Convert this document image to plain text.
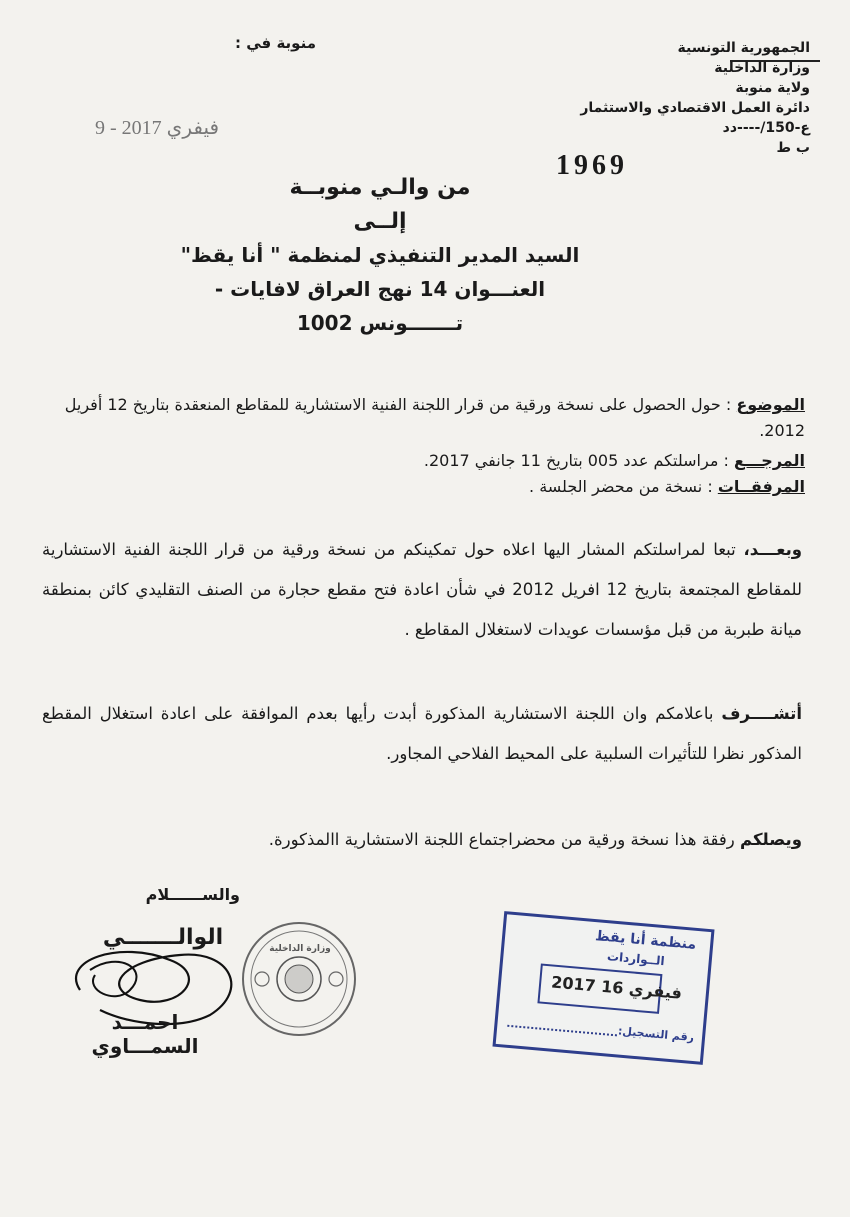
منوبة في :
9 - فيفري 2017
الجمهورية التونسية
وزارة الداخلية
ولاية منوبة
دائرة العمل الاقتصادي والاستثمار
ع-150/----دد
ب ط
1969
من والـي منوبــة
إلــى
السيد المدير التنفيذي لمنظمة " أنا يقظ"
العنـــوان 14 نهج العراق لافايات -
تـــــــونس 1002
الموضوع : حول الحصول على نسخة ورقية من قرار اللجنة الفنية الاستشارية للمقاطع المنعقدة بتاريخ 12 أفريل 2012.
المرجـــع : مراسلتكم عدد 005 بتاريخ 11 جانفي 2017.
المرفقــات : نسخة من محضر الجلسة .
وبعـــد، تبعا لمراسلتكم المشار اليها اعلاه حول تمكينكم من نسخة ورقية من قرار اللجنة الفنية الاستشارية للمقاطع المجتمعة بتاريخ 12 افريل 2012 في شأن اعادة فتح مقطع حجارة من الصنف التقليدي كائن بمنطقة ميانة طبربة من قبل مؤسسات عويدات لاستغلال المقاطع .
أتشــــرف باعلامكم وان اللجنة الاستشارية المذكورة أبدت رأيها بعدم الموافقة على اعادة استغلال المقطع المذكور نظرا للتأثيرات السلبية على المحيط الفلاحي المجاور.
ويصلكم رفقة هذا نسخة ورقية من محضراجتماع اللجنة الاستشارية االمذكورة.
والســــــلام
الوالـــــــي
احمـــد السمـــاوي
وزارة الداخلية	منظمة أنا يقظ
الــواردات
2017 فيفري 16
رقم التسجيل:
